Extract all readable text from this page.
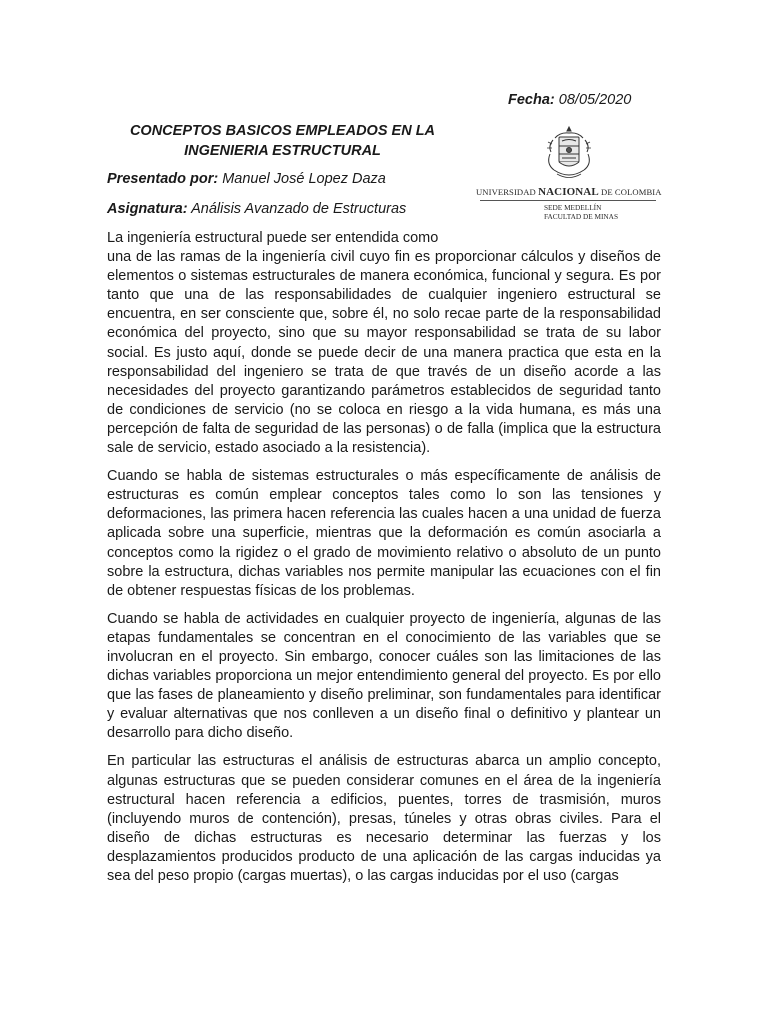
Fecha: 08/05/2020
CONCEPTOS BASICOS EMPLEADOS EN LA INGENIERIA ESTRUCTURAL
Presentado por: Manuel José Lopez Daza
Asignatura: Análisis Avanzado de Estructuras
UNIVERSIDAD NACIONAL DE COLOMBIA
SEDE MEDELLÍN
FACULTAD DE MINAS

La ingeniería estructural puede ser entendida como
una de las ramas de la ingeniería civil cuyo fin es proporcionar cálculos y diseños de elementos o sistemas estructurales de manera económica, funcional y segura. Es por tanto que una de las responsabilidades de cualquier ingeniero estructural se encuentra, en ser consciente que, sobre él, no solo recae parte de la responsabilidad económica del proyecto, sino que su mayor responsabilidad se trata de su labor social. Es justo aquí, donde se puede decir de una manera practica que esta en la responsabilidad del ingeniero se trata de que través de un diseño acorde a las necesidades del proyecto garantizando parámetros establecidos de seguridad tanto de condiciones de servicio (no se coloca en riesgo a la vida humana, es más una percepción de falta de seguridad de las personas) o de falla (implica que la estructura sale de servicio, estado asociado a la resistencia).

Cuando se habla de sistemas estructurales o más específicamente de análisis de estructuras es común emplear conceptos tales como lo son las tensiones y deformaciones, las primera hacen referencia las cuales hacen a una unidad de fuerza aplicada sobre una superficie, mientras que la deformación es común asociarla a conceptos como la rigidez o el grado de movimiento relativo o absoluto de un punto sobre la estructura, dichas variables nos permite manipular las ecuaciones con el fin de obtener respuestas físicas de los problemas.

Cuando se habla de actividades en cualquier proyecto de ingeniería, algunas de las etapas fundamentales se concentran en el conocimiento de las variables que se involucran en el proyecto. Sin embargo, conocer cuáles son las limitaciones de las dichas variables proporciona un mejor entendimiento general del proyecto. Es por ello que las fases de planeamiento y diseño preliminar, son fundamentales para identificar y evaluar alternativas que nos conlleven a un diseño final o definitivo y plantear un desarrollo para dicho diseño.

En particular las estructuras el análisis de estructuras abarca un amplio concepto, algunas estructuras que se pueden considerar comunes en el área de la ingeniería estructural hacen referencia a edificios, puentes, torres de trasmisión, muros (incluyendo muros de contención), presas, túneles y otras obras civiles. Para el diseño de dichas estructuras es necesario determinar las fuerzas y los desplazamientos producidos producto de una aplicación de las cargas inducidas ya sea del peso propio (cargas muertas), o las cargas inducidas por el uso (cargas
